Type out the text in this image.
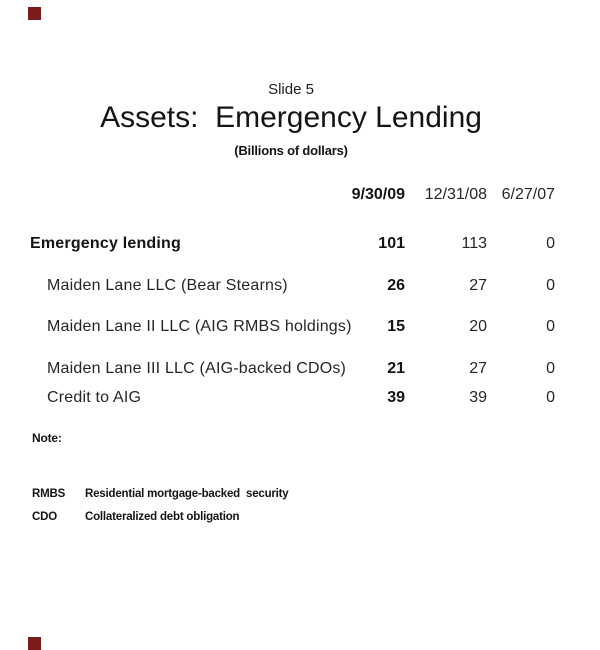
Slide 5
Assets:  Emergency Lending
(Billions of dollars)
9/30/09 12/31/08 6/27/07
Emergency lending	101	113	0
Maiden Lane LLC (Bear Stearns)	26	27	0
Maiden Lane II LLC (AIG RMBS holdings) 15	20	0
Maiden Lane III LLC (AIG-backed CDOs)	21	27	0
Credit to AIG	39	39	0
Note:
RMBS Residential mortgage-backed  security
CDO Collateralized debt obligation
